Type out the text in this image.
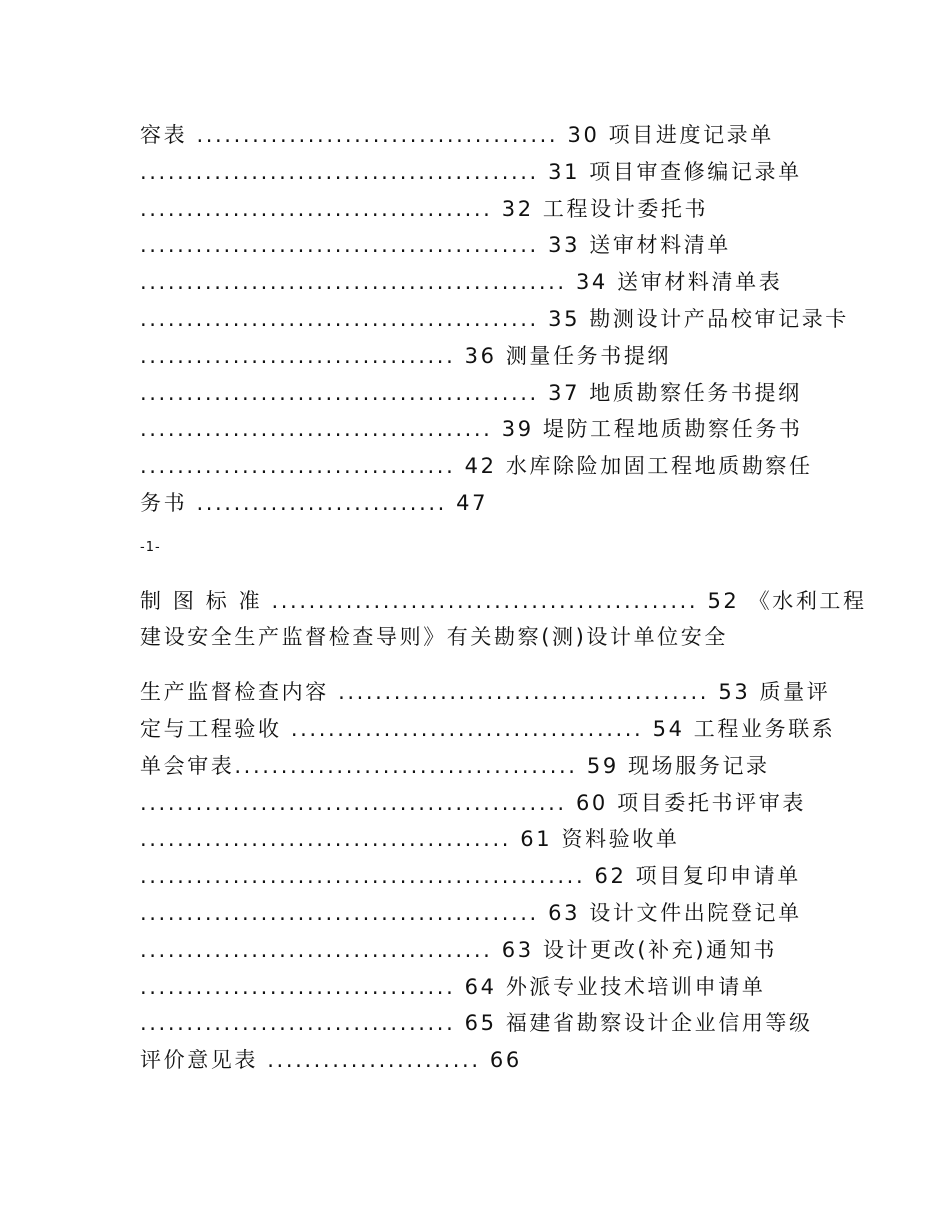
容表 ....................................... 30 项目进度记录单
........................................... 31 项目审查修编记录单
...................................... 32 工程设计委托书
........................................... 33 送审材料清单
.............................................. 34 送审材料清单表
........................................... 35 勘测设计产品校审记录卡
.................................. 36 测量任务书提纲
........................................... 37 地质勘察任务书提纲
...................................... 39 堤防工程地质勘察任务书
.................................. 42 水库除险加固工程地质勘察任
务书 ........................... 47
-1-
制 图 标 准 .............................................. 52 《水利工程
建设安全生产监督检查导则》有关勘察(测)设计单位安全
生产监督检查内容 ........................................ 53 质量评
定与工程验收 ...................................... 54 工程业务联系
单会审表..................................... 59 现场服务记录
.............................................. 60 项目委托书评审表
........................................ 61 资料验收单
................................................ 62 项目复印申请单
........................................... 63 设计文件出院登记单
...................................... 63 设计更改(补充)通知书
.................................. 64 外派专业技术培训申请单
.................................. 65 福建省勘察设计企业信用等级
评价意见表 ....................... 66
